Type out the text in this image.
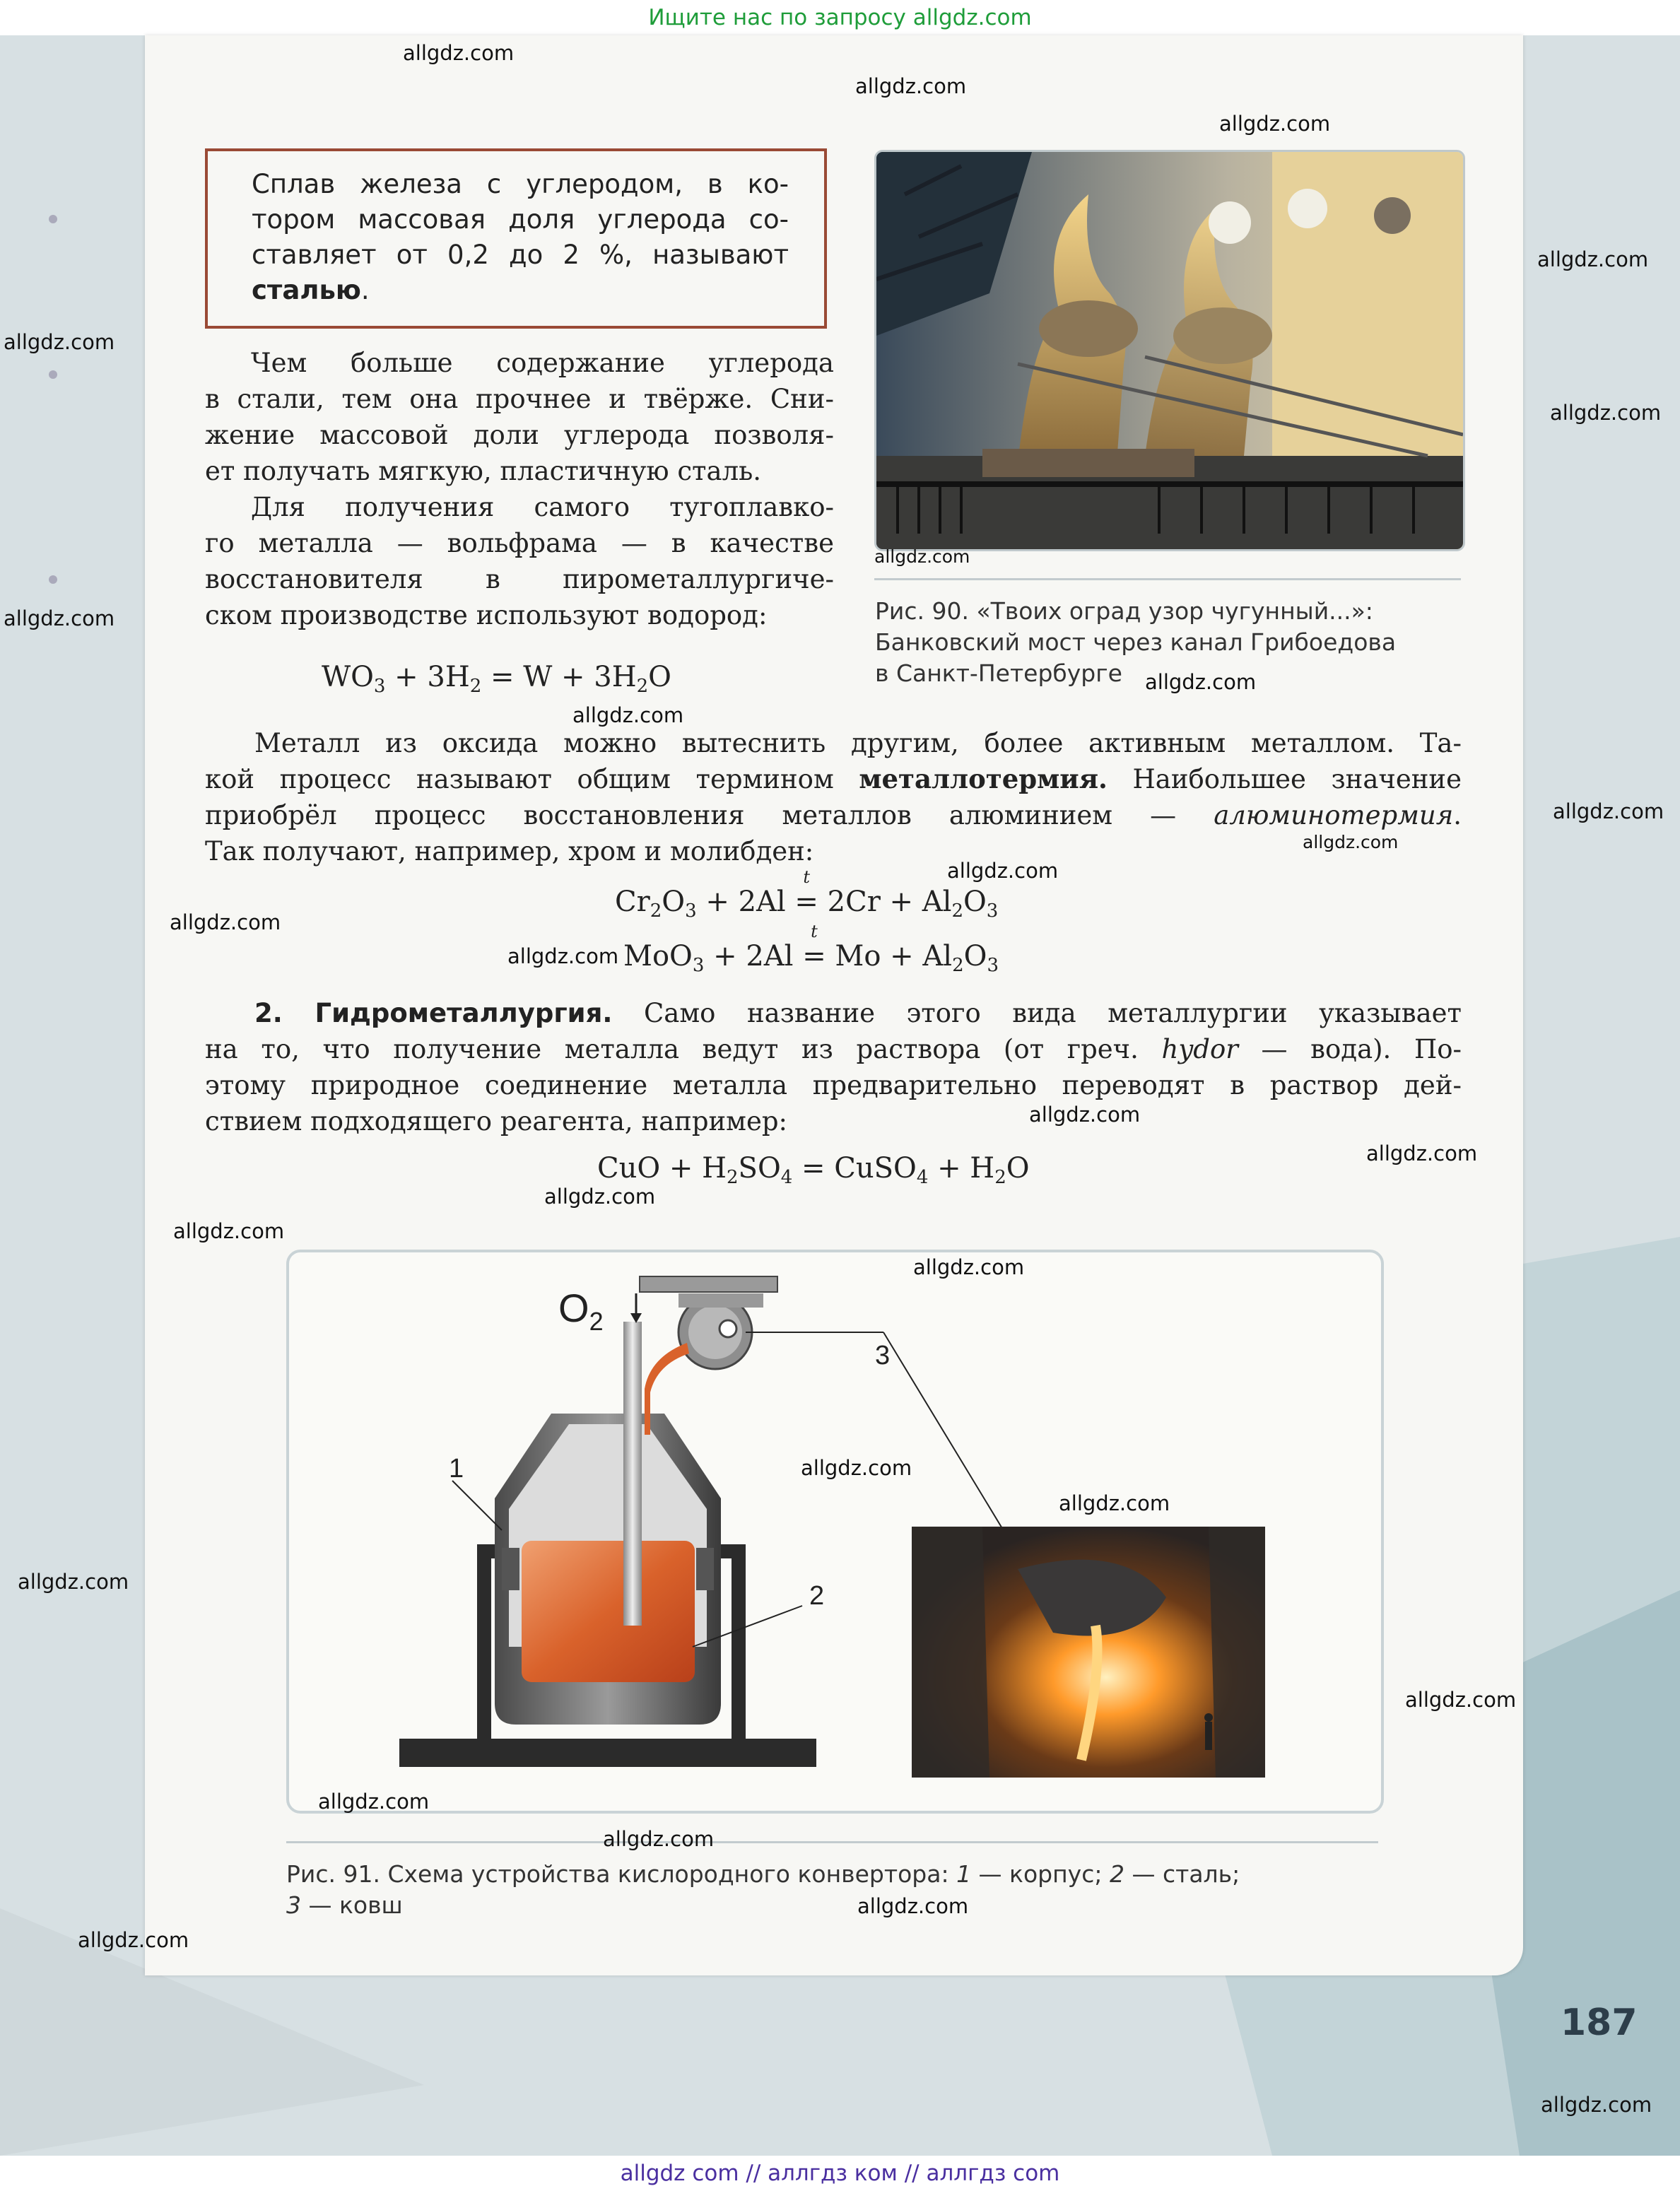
Ищите нас по запросу allgdz.com
Сплав железа с углеродом, в ко-
тором массовая доля углерода со-
ставляет от 0,2 до 2 %, называют
сталью.
Чем больше содержание углерода
в стали, тем она прочнее и твёрже. Сни-
жение массовой доли углерода позволя-
ет получать мягкую, пластичную сталь.
Для получения самого тугоплавко-
го металла — вольфрама — в качестве
восстановителя в пирометаллургиче-
ском производстве используют водород:
$WO_3 + 3H_2 = W + 3H_2O$
Рис. 90. «Твоих оград узор чугунный...»:
Банковский мост через канал Грибоедова
в Санкт-Петербурге
Металл из оксида можно вытеснить другим, более активным металлом. Та-
кой процесс называют общим термином металлотермия. Наибольшее значение
приобрёл процесс восстановления металлов алюминием — алюминотермия.
Так получают, например, хром и молибден:
$Cr_2O_3 + 2Al$
t
= $2Cr + Al_2O_3$
MoO$_3$ + 2Al
t
= $Mo + Al_2O_3$
2. Гидрометаллургия. Само название этого вида металлургии указывает
на то, что получение металла ведут из раствора (от греч. hydor — вода). По-
этому природное соединение металла предварительно переводят в раствор дей-
ствием подходящего реагента, например:
CuO + $H_2SO_4$ = CuSO$_4$ + $H_2O$
$O_2$
1
2
3
Рис. 91. Схема устройства кислородного конвертора: 1 — корпус; 2 — сталь;
3 — ковш
187
allgdz.com
allgdz.com
allgdz.com
allgdz.com
allgdz.com
allgdz.com
allgdz.com
allgdz.com
allgdz.com
allgdz.com
allgdz.com
allgdz.com
allgdz.com
allgdz.com
allgdz.com
allgdz.com
allgdz.com
allgdz.com
allgdz.com
allgdz.com
allgdz.com
allgdz.com
allgdz.com
allgdz.com
allgdz.com
allgdz.com
allgdz.com
allgdz.com
allgdz.com
allgdz com // аллгдз ком // аллгдз com
